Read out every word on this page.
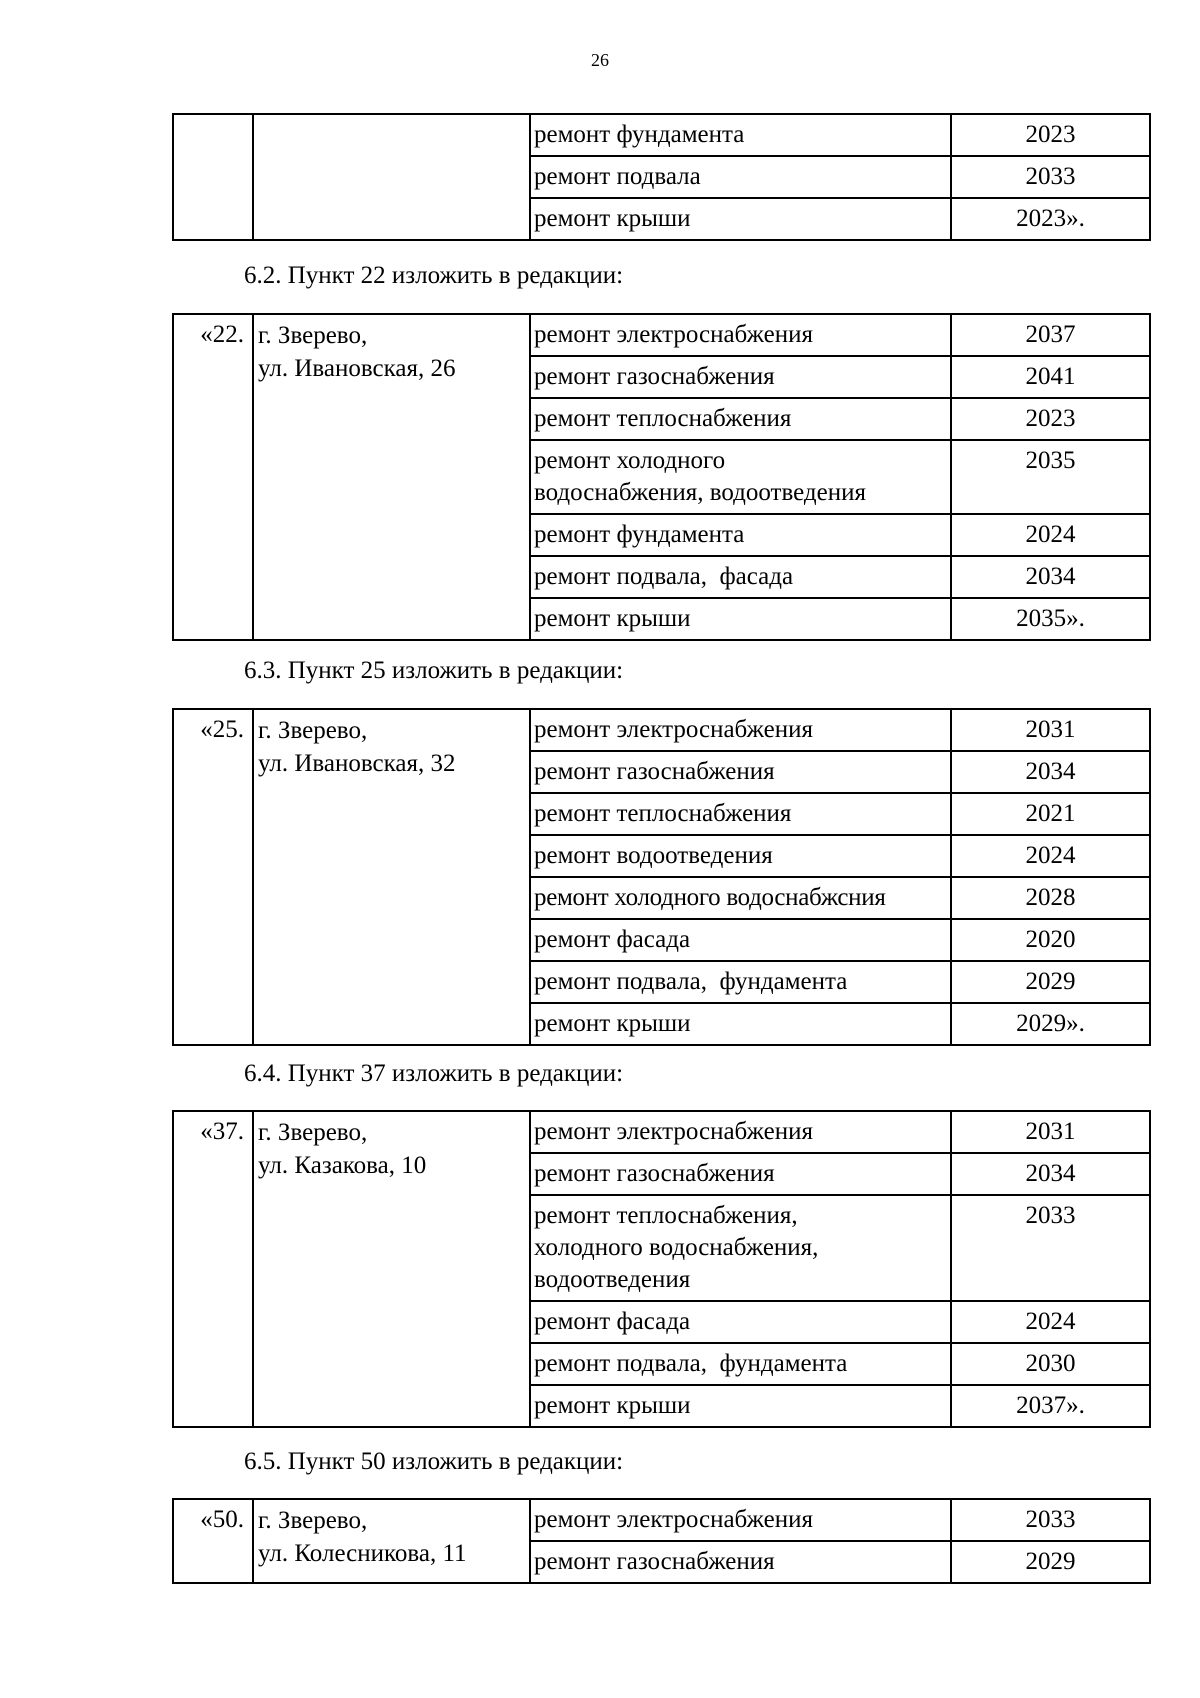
26
		ремонт фундамента	2023
		ремонт подвала	2033
		ремонт крыши	2023».
6.2. Пункт 22 изложить в редакции:
«22.	г. Зверево,
ул. Ивановская, 26	ремонт электроснабжения	2037
		ремонт газоснабжения	2041
		ремонт теплоснабжения	2023
		ремонт холодного
водоснабжения, водоотведения	2035
		ремонт фундамента	2024
		ремонт подвала,  фасада	2034
		ремонт крыши	2035».
6.3. Пункт 25 изложить в редакции:
«25.	г. Зверево,
ул. Ивановская, 32	ремонт электроснабжения	2031
		ремонт газоснабжения	2034
		ремонт теплоснабжения	2021
		ремонт водоотведения	2024
		ремонт холодного водоснабжсния	2028
		ремонт фасада	2020
		ремонт подвала,  фундамента	2029
		ремонт крыши	2029».
6.4. Пункт 37 изложить в редакции:
«37.	г. Зверево,
ул. Казакова, 10	ремонт электроснабжения	2031
		ремонт газоснабжения	2034
		ремонт теплоснабжения,
холодного водоснабжения,
водоотведения	2033
		ремонт фасада	2024
		ремонт подвала,  фундамента	2030
		ремонт крыши	2037».
6.5. Пункт 50 изложить в редакции:
«50.	г. Зверево,
ул. Колесникова, 11	ремонт электроснабжения	2033
		ремонт газоснабжения	2029
